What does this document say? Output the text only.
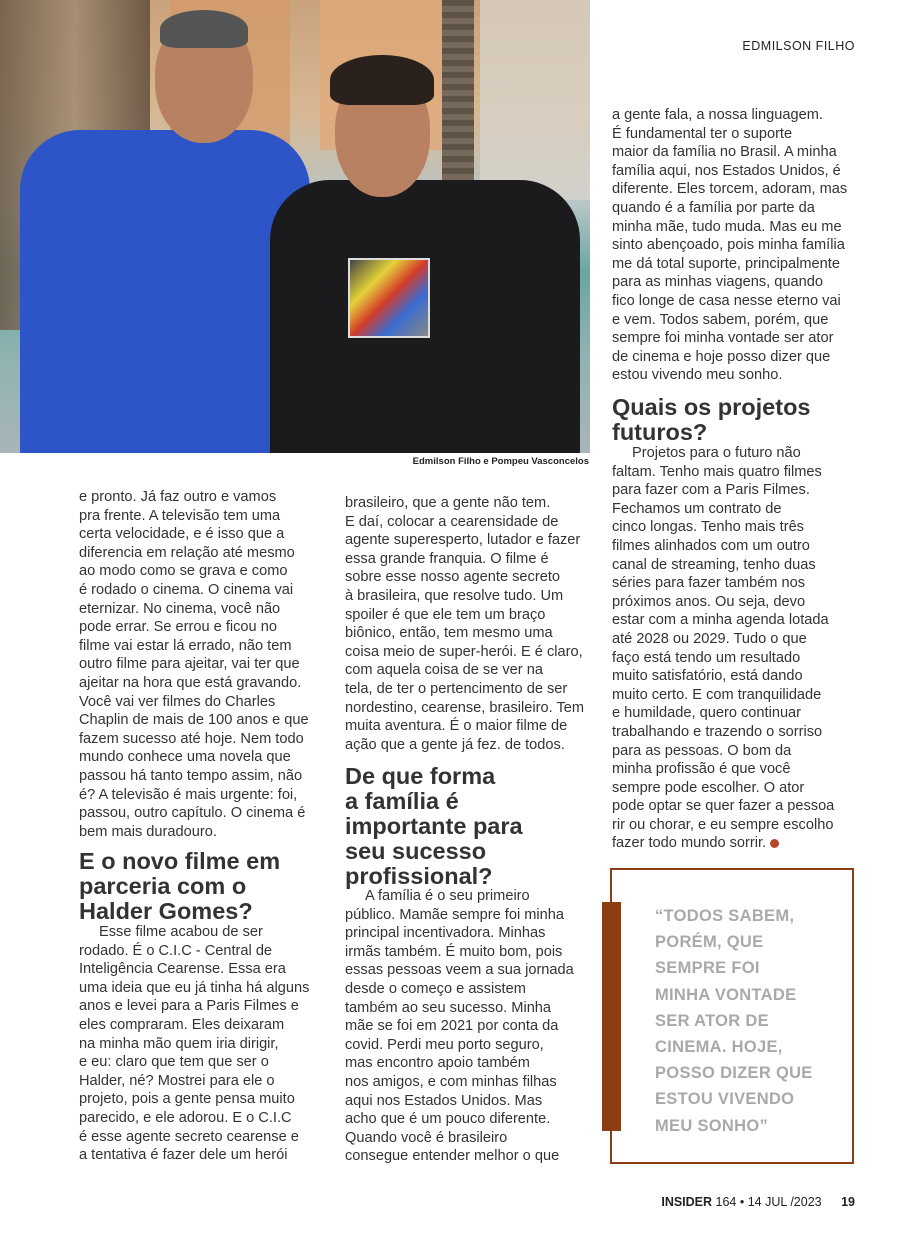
Edmilson Filho e Pompeu Vasconcelos
EDMILSON FILHO
e pronto. Já faz outro e vamos
pra frente. A televisão tem uma
certa velocidade, e é isso que a
diferencia em relação até mesmo
ao modo como se grava e como
é rodado o cinema. O cinema vai
eternizar. No cinema, você não
pode errar. Se errou e ficou no
filme vai estar lá errado, não tem
outro filme para ajeitar, vai ter que
ajeitar na hora que está gravando.
Você vai ver filmes do Charles
Chaplin de mais de 100 anos e que
fazem sucesso até hoje. Nem todo
mundo conhece uma novela que
passou há tanto tempo assim, não
é? A televisão é mais urgente: foi,
passou, outro capítulo. O cinema é
bem mais duradouro.
E o novo filme em
parceria com o
Halder Gomes?
Esse filme acabou de ser
rodado. É o C.I.C - Central de
Inteligência Cearense. Essa era
uma ideia que eu já tinha há alguns
anos e levei para a Paris Filmes e
eles compraram. Eles deixaram
na minha mão quem iria dirigir,
e eu: claro que tem que ser o
Halder, né? Mostrei para ele o
projeto, pois a gente pensa muito
parecido, e ele adorou. E o C.I.C
é esse agente secreto cearense e
a tentativa é fazer dele um herói
brasileiro, que a gente não tem.
E daí, colocar a cearensidade de
agente superesperto, lutador e fazer
essa grande franquia. O filme é
sobre esse nosso agente secreto
à brasileira, que resolve tudo. Um
spoiler é que ele tem um braço
biônico, então, tem mesmo uma
coisa meio de super-herói. E é claro,
com aquela coisa de se ver na
tela, de ter o pertencimento de ser
nordestino, cearense, brasileiro. Tem
muita aventura. É o maior filme de
ação que a gente já fez. de todos.
De que forma
a família é
importante para
seu sucesso
profissional?
A família é o seu primeiro
público. Mamãe sempre foi minha
principal incentivadora. Minhas
irmãs também. É muito bom, pois
essas pessoas veem a sua jornada
desde o começo e assistem
também ao seu sucesso. Minha
mãe se foi em 2021 por conta da
covid. Perdi meu porto seguro,
mas encontro apoio também
nos amigos, e com minhas filhas
aqui nos Estados Unidos. Mas
acho que é um pouco diferente.
Quando você é brasileiro
consegue entender melhor o que
a gente fala, a nossa linguagem.
É fundamental ter o suporte
maior da família no Brasil. A minha
família aqui, nos Estados Unidos, é
diferente. Eles torcem, adoram, mas
quando é a família por parte da
minha mãe, tudo muda. Mas eu me
sinto abençoado, pois minha família
me dá total suporte, principalmente
para as minhas viagens, quando
fico longe de casa nesse eterno vai
e vem. Todos sabem, porém, que
sempre foi minha vontade ser ator
de cinema e hoje posso dizer que
estou vivendo meu sonho.
Quais os projetos
futuros?
Projetos para o futuro não
faltam. Tenho mais quatro filmes
para fazer com a Paris Filmes.
Fechamos um contrato de
cinco longas. Tenho mais três
filmes alinhados com um outro
canal de streaming, tenho duas
séries para fazer também nos
próximos anos. Ou seja, devo
estar com a minha agenda lotada
até 2028 ou 2029. Tudo o que
faço está tendo um resultado
muito satisfatório, está dando
muito certo. E com tranquilidade
e humildade, quero continuar
trabalhando e trazendo o sorriso
para as pessoas. O bom da
minha profissão é que você
sempre pode escolher. O ator
pode optar se quer fazer a pessoa
rir ou chorar, e eu sempre escolho
fazer todo mundo sorrir.
“TODOS SABEM,
PORÉM, QUE
SEMPRE FOI
MINHA VONTADE
SER ATOR DE
CINEMA. HOJE,
POSSO DIZER QUE
ESTOU VIVENDO
MEU SONHO”
INSIDER 164 • 14 JUL /2023 19
